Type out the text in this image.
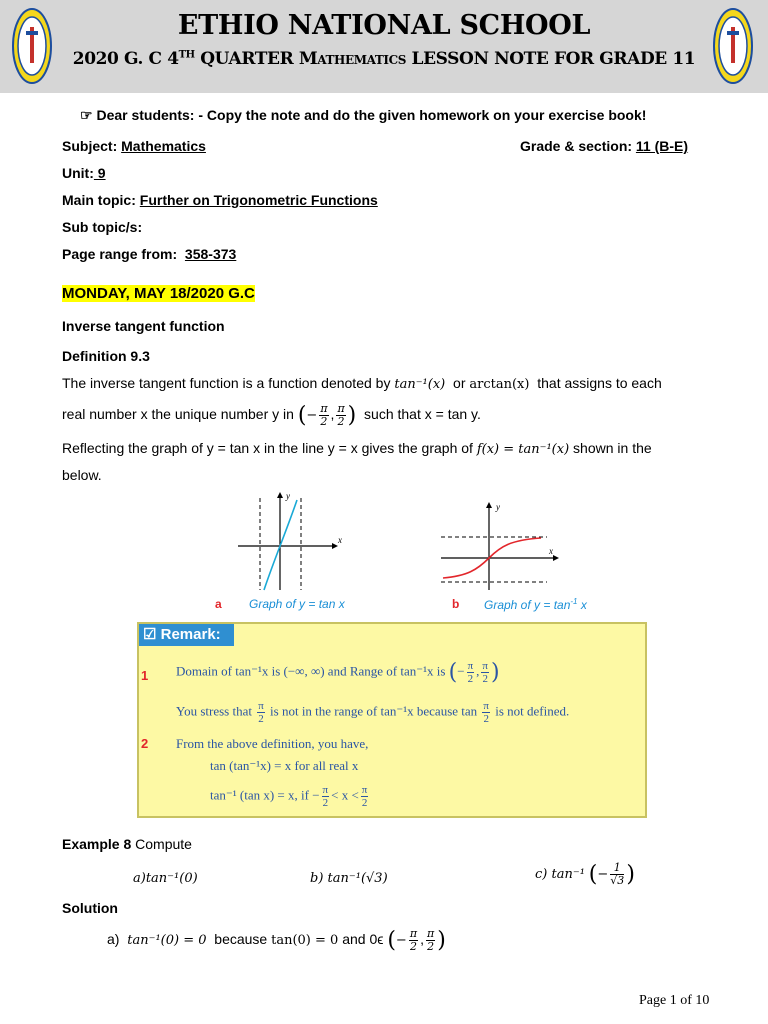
ETHIO NATIONAL SCHOOL
2020 G. C 4TH QUARTER Mathematics LESSON NOTE FOR GRADE 11
☞ Dear students: - Copy the note and do the given homework on your exercise book!
Subject: Mathematics	Grade & section: 11 (B-E)
Unit: 9
Main topic: Further on Trigonometric Functions
Sub topic/s:
Page range from: 358-373
MONDAY, MAY 18/2020 G.C
Inverse tangent function
Definition 9.3
The inverse tangent function is a function denoted by tan⁻¹(x) or arctan(x) that assigns to each
real number x the unique number y in (− $\frac{\pi}{2}$ , $\frac{\pi}{2}$ ) such that x = tan y.
Reflecting the graph of y = tan x in the line y = x gives the graph of f(x) = tan⁻¹(x) shown in the
below.
x
y
a Graph of y = tan x
x
y
b Graph of $y = \tan^{-1} x$
☑ Remark:
1 Domain of tan⁻¹x is (−∞, ∞) and Range of tan⁻¹x is (− $\frac{\pi}{2}$ , $\frac{\pi}{2}$ )
You stress that $\frac{\pi}{2}$ is not in the range of tan⁻¹x because $\tan \frac{\pi}{2}$ is not defined.
2 From the above definition, you have,
tan (tan⁻¹x) = x for all real x
tan⁻¹ (tan x) = x, if − $\frac{\pi}{2} < x < \frac{\pi}{2}$
Example 8 Compute
a)tan⁻¹(0)	b) tan⁻¹(√3)	c) tan⁻¹ (− $\frac{1}{√3}$ )
Solution
a) tan⁻¹(0) = 0 because tan(0) = 0 and 0ϵ (− $\frac{\pi}{2}$ , $\frac{\pi}{2}$ )
Page 1 of 10
